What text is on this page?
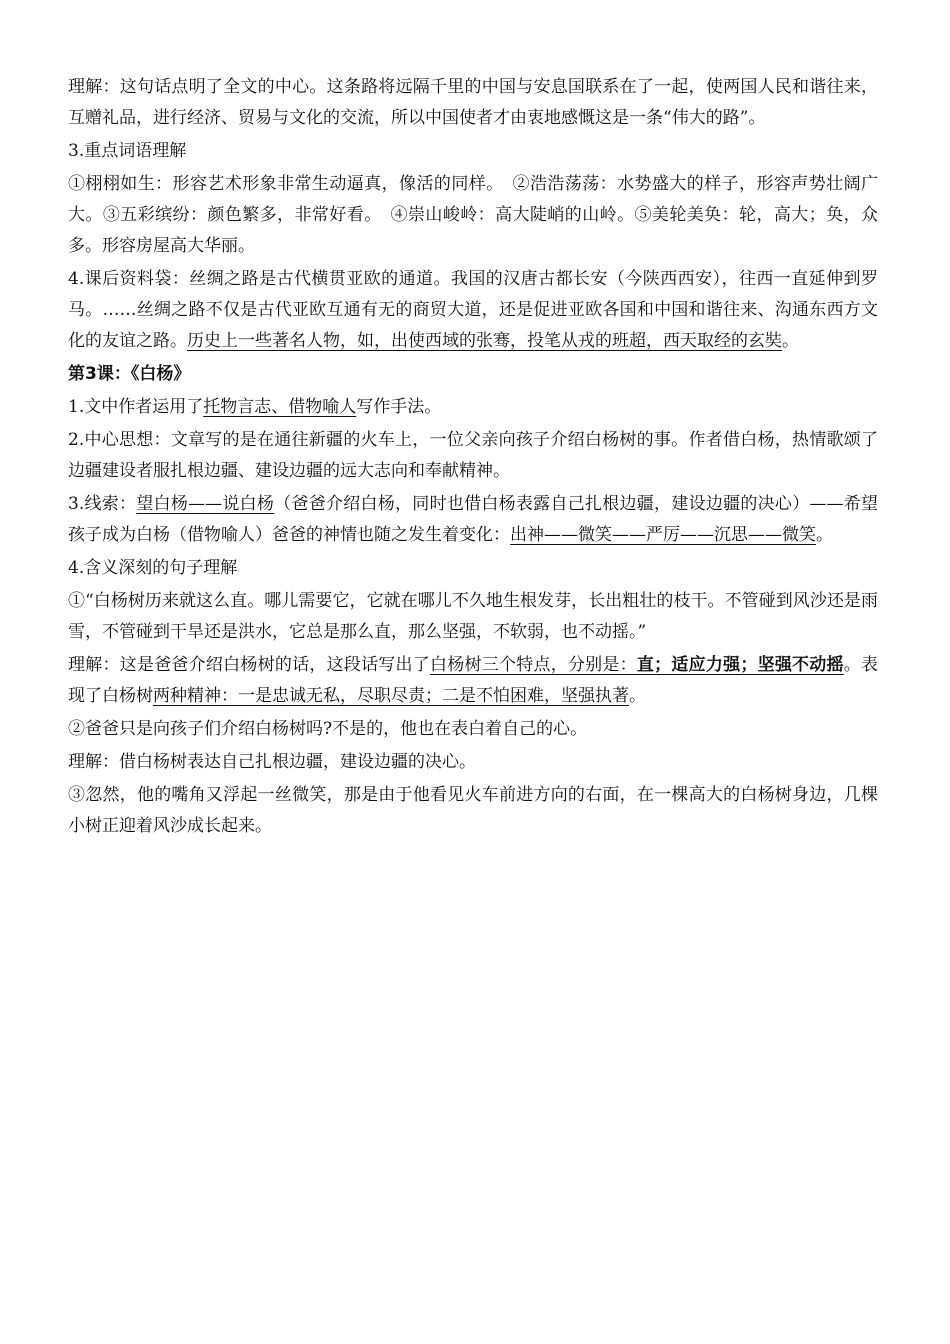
理解：这句话点明了全文的中心。这条路将远隔千里的中国与安息国联系在了一起，使两国人民和谐往来，互赠礼品，进行经济、贸易与文化的交流，所以中国使者才由衷地感慨这是一条“伟大的路”。

3.重点词语理解

①栩栩如生：形容艺术形象非常生动逼真，像活的同样。　②浩浩荡荡：水势盛大的样子，形容声势壮阔广大。③五彩缤纷：颜色繁多，非常好看。　④崇山峻岭：高大陡峭的山岭。⑤美轮美奂：轮，高大；奂，众多。形容房屋高大华丽。

4.课后资料袋：丝绸之路是古代横贯亚欧的通道。我国的汉唐古都长安（今陕西西安），往西一直延伸到罗马。……丝绸之路不仅是古代亚欧互通有无的商贸大道，还是促进亚欧各国和中国和谐往来、沟通东西方文化的友谊之路。历史上一些著名人物，如，出使西域的张骞，投笔从戎的班超，西天取经的玄奘。

第3课：《白杨》

1.文中作者运用了托物言志、借物喻人写作手法。

2.中心思想：文章写的是在通往新疆的火车上，一位父亲向孩子介绍白杨树的事。作者借白杨，热情歌颂了边疆建设者服扎根边疆、建设边疆的远大志向和奉献精神。

3.线索：望白杨——说白杨（爸爸介绍白杨，同时也借白杨表露自己扎根边疆，建设边疆的决心）——希望孩子成为白杨（借物喻人）爸爸的神情也随之发生着变化：出神——微笑——严厉——沉思——微笑。

4.含义深刻的句子理解

①“白杨树历来就这么直。哪儿需要它，它就在哪儿不久地生根发芽，长出粗壮的枝干。不管碰到风沙还是雨雪，不管碰到干旱还是洪水，它总是那么直，那么坚强，不软弱，也不动摇。”

理解：这是爸爸介绍白杨树的话，这段话写出了白杨树三个特点，分别是：直；适应力强；坚强不动摇。表现了白杨树两种精神：一是忠诚无私，尽职尽责；二是不怕困难，坚强执著。

②爸爸只是向孩子们介绍白杨树吗?不是的，他也在表白着自己的心。

理解：借白杨树表达自己扎根边疆，建设边疆的决心。

③忽然，他的嘴角又浮起一丝微笑，那是由于他看见火车前进方向的右面，在一棵高大的白杨树身边，几棵小树正迎着风沙成长起来。
